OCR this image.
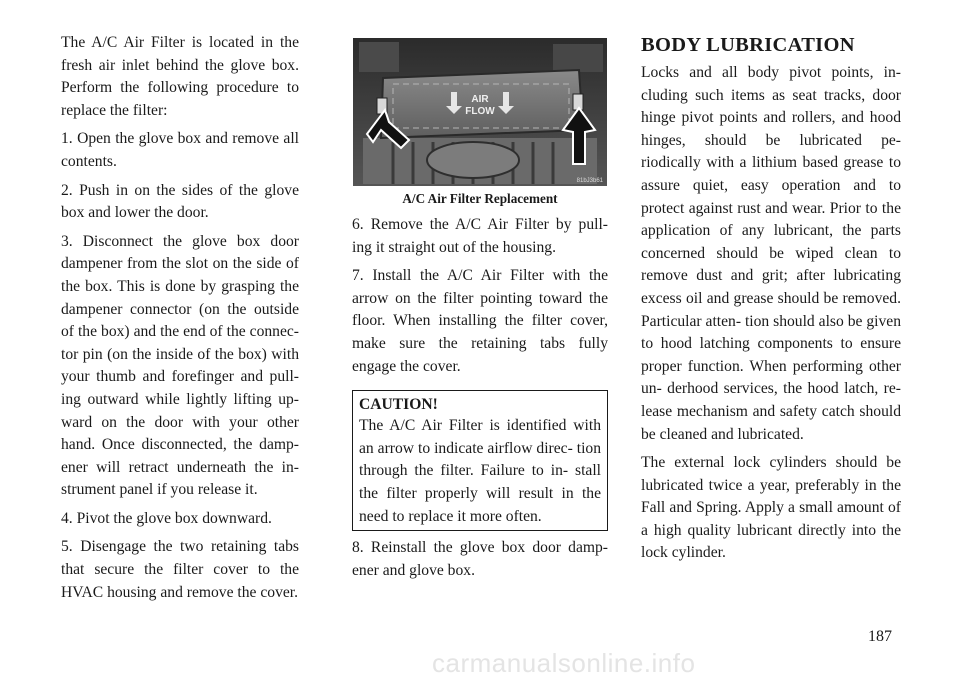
The A/C Air Filter is located in the fresh air inlet behind the glove box. Perform the following procedure to replace the filter:

1. Open the glove box and remove all contents.

2. Push in on the sides of the glove box and lower the door.

3. Disconnect the glove box door dampener from the slot on the side of the box. This is done by grasping the dampener connector (on the outside of the box) and the end of the connec- tor pin (on the inside of the box) with your thumb and forefinger and pull- ing outward while lightly lifting up- ward on the door with your other hand. Once disconnected, the damp- ener will retract underneath the in- strument panel if you release it.

4. Pivot the glove box downward.

5. Disengage the two retaining tabs that secure the filter cover to the HVAC housing and remove the cover.

AIR
FLOW
81bJ3b61
A/C Air Filter Replacement

6. Remove the A/C Air Filter by pull- ing it straight out of the housing.

7. Install the A/C Air Filter with the arrow on the filter pointing toward the floor. When installing the filter cover, make sure the retaining tabs fully engage the cover.

CAUTION!

The A/C Air Filter is identified with an arrow to indicate airflow direc- tion through the filter. Failure to in- stall the filter properly will result in the need to replace it more often.

8. Reinstall the glove box door damp- ener and glove box.

BODY LUBRICATION

Locks and all body pivot points, in- cluding such items as seat tracks, door hinge pivot points and rollers, and hood hinges, should be lubricated pe- riodically with a lithium based grease to assure quiet, easy operation and to protect against rust and wear. Prior to the application of any lubricant, the parts concerned should be wiped clean to remove dust and grit; after lubricating excess oil and grease should be removed. Particular atten- tion should also be given to hood latching components to ensure proper function. When performing other un- derhood services, the hood latch, re- lease mechanism and safety catch should be cleaned and lubricated.

The external lock cylinders should be lubricated twice a year, preferably in the Fall and Spring. Apply a small amount of a high quality lubricant directly into the lock cylinder.

187
carmanualsonline.info
